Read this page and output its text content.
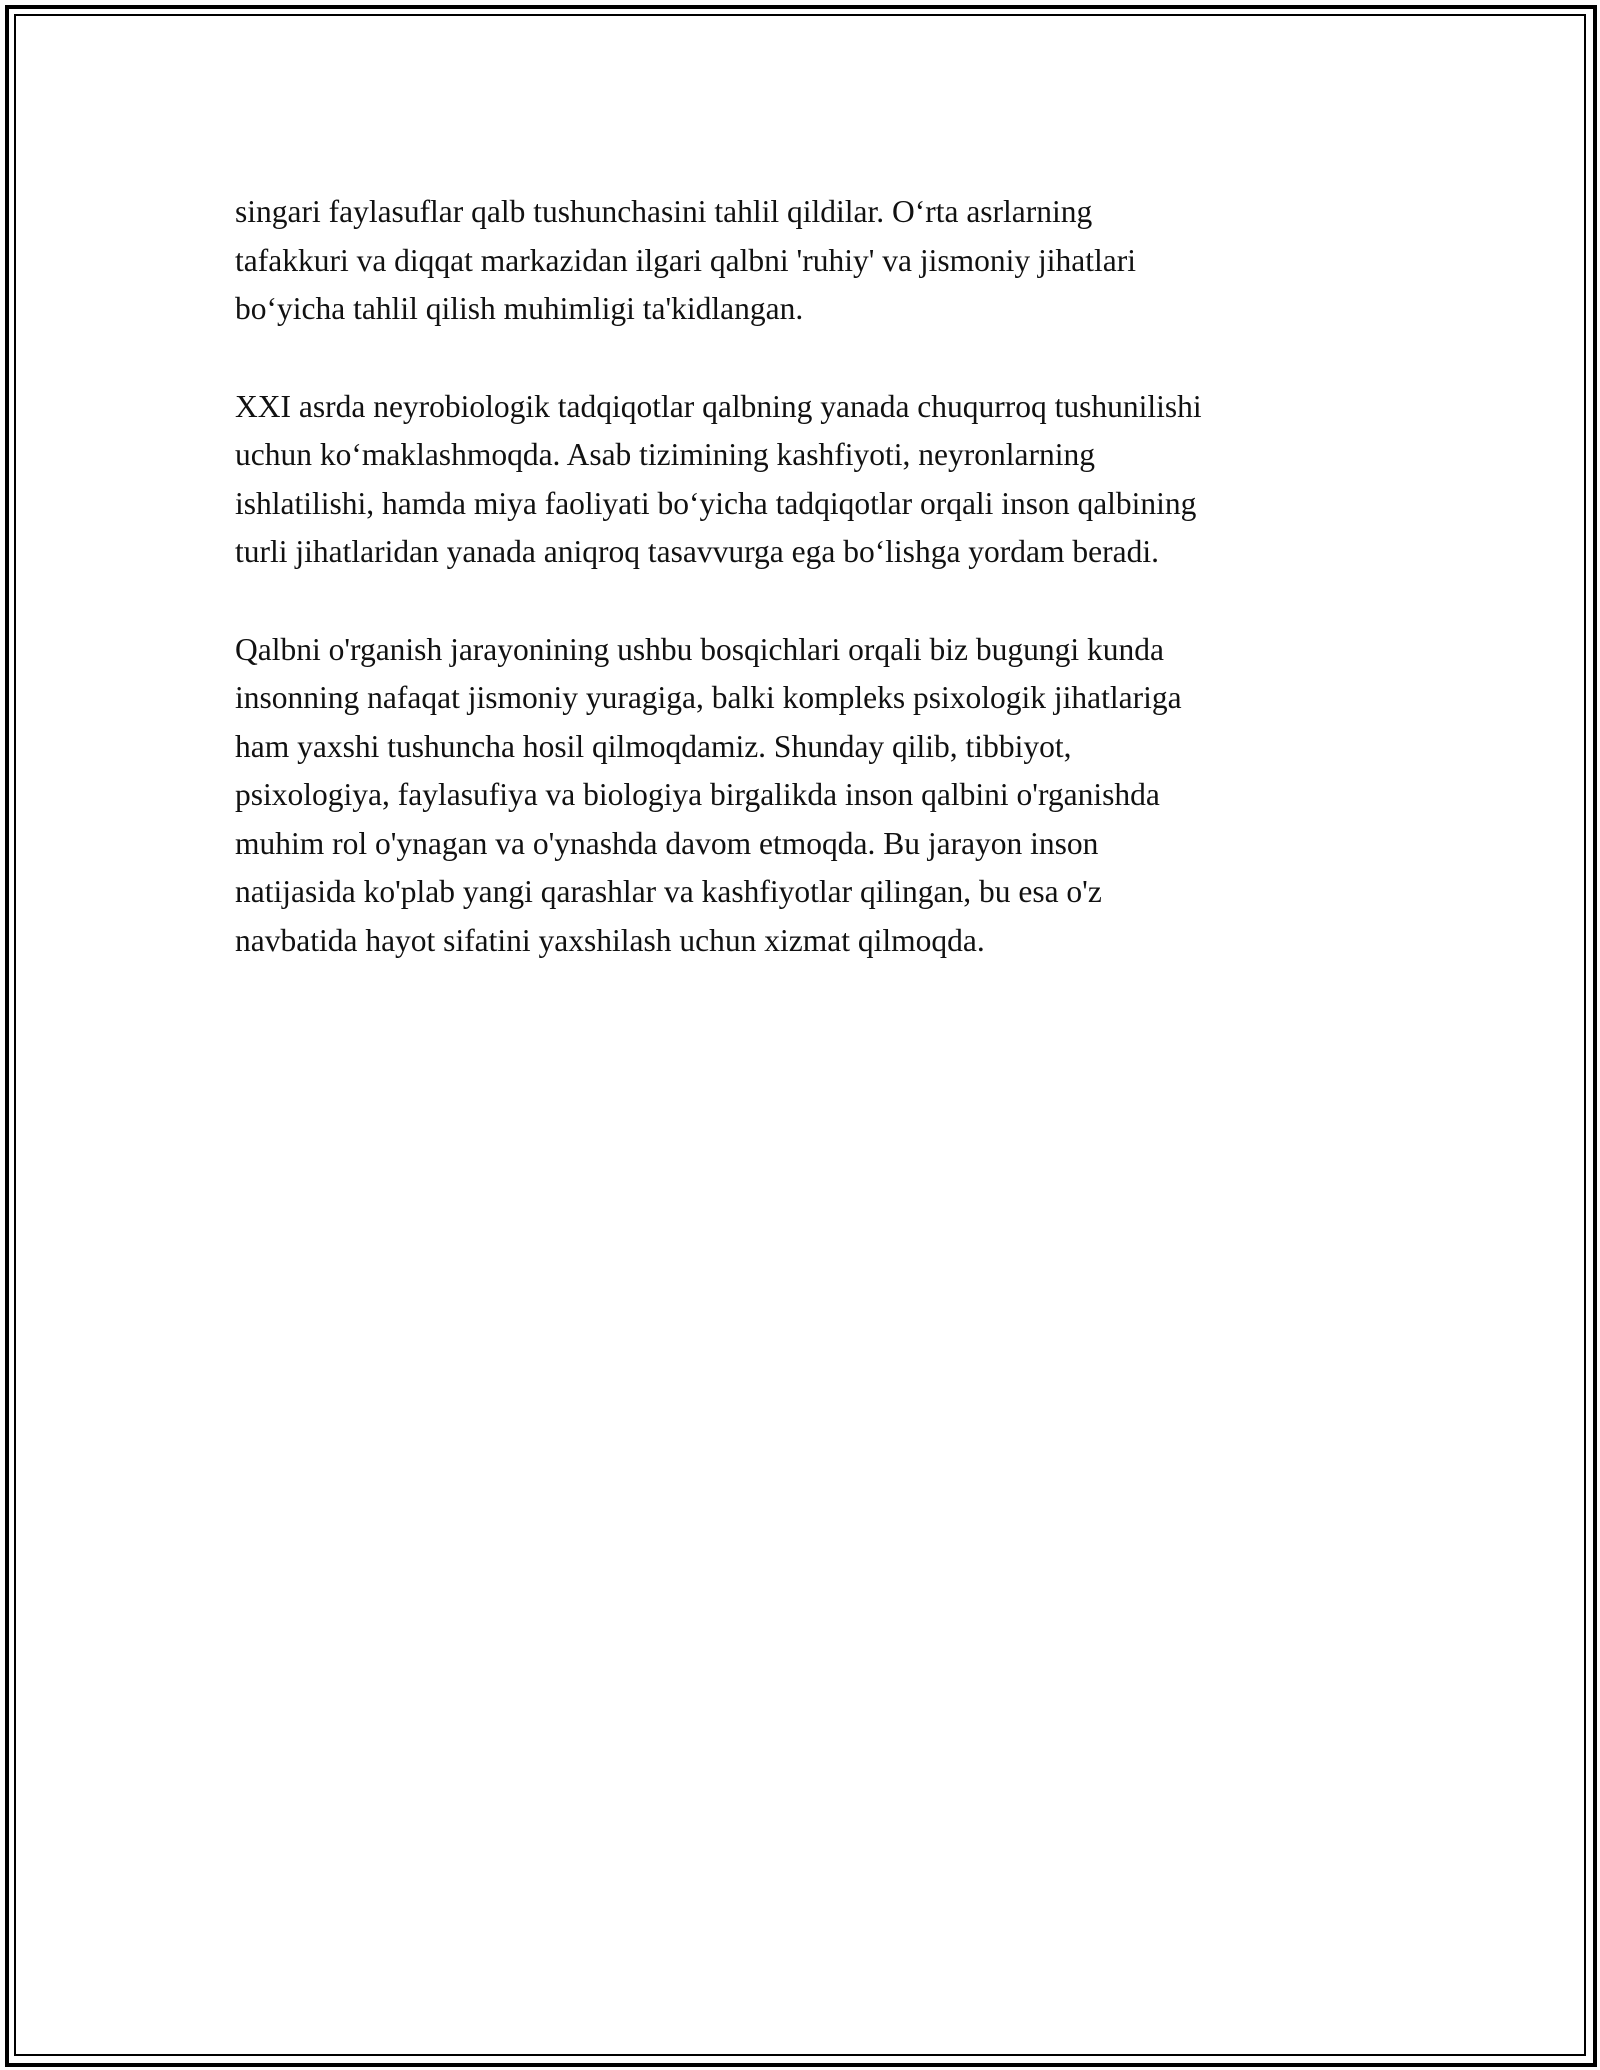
singari faylasuflar qalb tushunchasini tahlil qildilar. O‘rta asrlarning
tafakkuri va diqqat markazidan ilgari qalbni 'ruhiy' va jismoniy jihatlari
bo‘yicha tahlil qilish muhimligi ta'kidlangan.

XXI asrda neyrobiologik tadqiqotlar qalbning yanada chuqurroq tushunilishi
uchun ko‘maklashmoqda. Asab tizimining kashfiyoti, neyronlarning
ishlatilishi, hamda miya faoliyati bo‘yicha tadqiqotlar orqali inson qalbining
turli jihatlaridan yanada aniqroq tasavvurga ega bo‘lishga yordam beradi.

Qalbni o'rganish jarayonining ushbu bosqichlari orqali biz bugungi kunda
insonning nafaqat jismoniy yuragiga, balki kompleks psixologik jihatlariga
ham yaxshi tushuncha hosil qilmoqdamiz. Shunday qilib, tibbiyot,
psixologiya, faylasufiya va biologiya birgalikda inson qalbini o'rganishda
muhim rol o'ynagan va o'ynashda davom etmoqda. Bu jarayon inson
natijasida ko'plab yangi qarashlar va kashfiyotlar qilingan, bu esa o'z
navbatida hayot sifatini yaxshilash uchun xizmat qilmoqda.
